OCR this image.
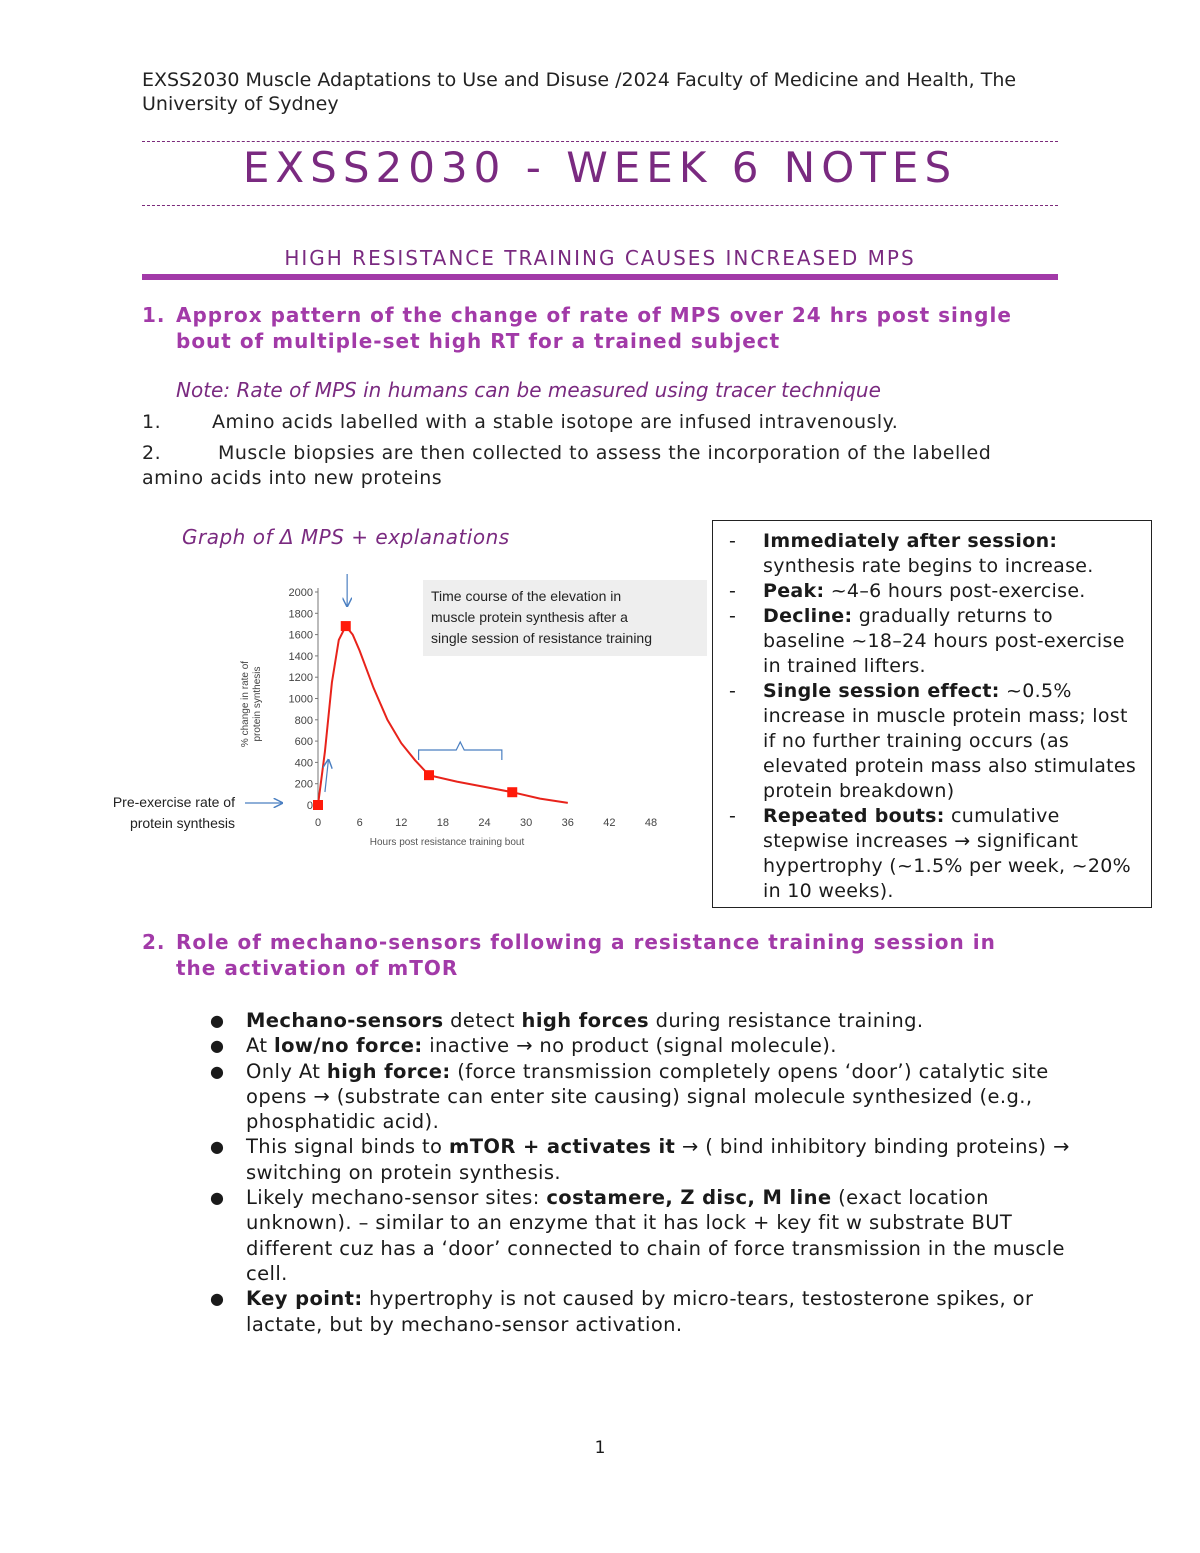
EXSS2030 Muscle Adaptations to Use and Disuse /2024 Faculty of Medicine and Health, The
University of Sydney
EXSS2030 - WEEK 6 NOTES
HIGH RESISTANCE TRAINING CAUSES INCREASED MPS
1. Approx pattern of the change of rate of MPS over 24 hrs post single
bout of multiple-set high RT for a trained subject
Note: Rate of MPS in humans can be measured using tracer technique
1.	Amino acids labelled with a stable isotope are infused intravenously.
2.	Muscle biopsies are then collected to assess the incorporation of the labelled
amino acids into new proteins
Graph of Δ MPS + explanations
0
200
400
600
800
1000
1200
1400
1600
1800
2000
0	6	12	18	24	30	36	42	48
Hours post resistance training bout
% change in rate of protein synthesis
Time course of the elevation in
muscle protein synthesis after a
single session of resistance training
Pre-exercise rate of
protein synthesis
- Immediately after session: synthesis rate begins to increase.
- Peak: ~4–6 hours post-exercise.
- Decline: gradually returns to baseline ~18–24 hours post-exercise in trained lifters.
- Single session effect: ~0.5% increase in muscle protein mass; lost if no further training occurs (as elevated protein mass also stimulates protein breakdown)
- Repeated bouts: cumulative stepwise increases → significant hypertrophy (~1.5% per week, ~20% in 10 weeks).
2. Role of mechano-sensors following a resistance training session in
the activation of mTOR
● Mechano-sensors detect high forces during resistance training.
● At low/no force: inactive → no product (signal molecule).
● Only At high force: (force transmission completely opens ‘door’) catalytic site opens → (substrate can enter site causing) signal molecule synthesized (e.g., phosphatidic acid).
● This signal binds to mTOR + activates it → ( bind inhibitory binding proteins) → switching on protein synthesis.
● Likely mechano-sensor sites: costamere, Z disc, M line (exact location unknown). – similar to an enzyme that it has lock + key fit w substrate BUT different cuz has a ‘door’ connected to chain of force transmission in the muscle cell.
● Key point: hypertrophy is not caused by micro-tears, testosterone spikes, or lactate, but by mechano-sensor activation.
1
